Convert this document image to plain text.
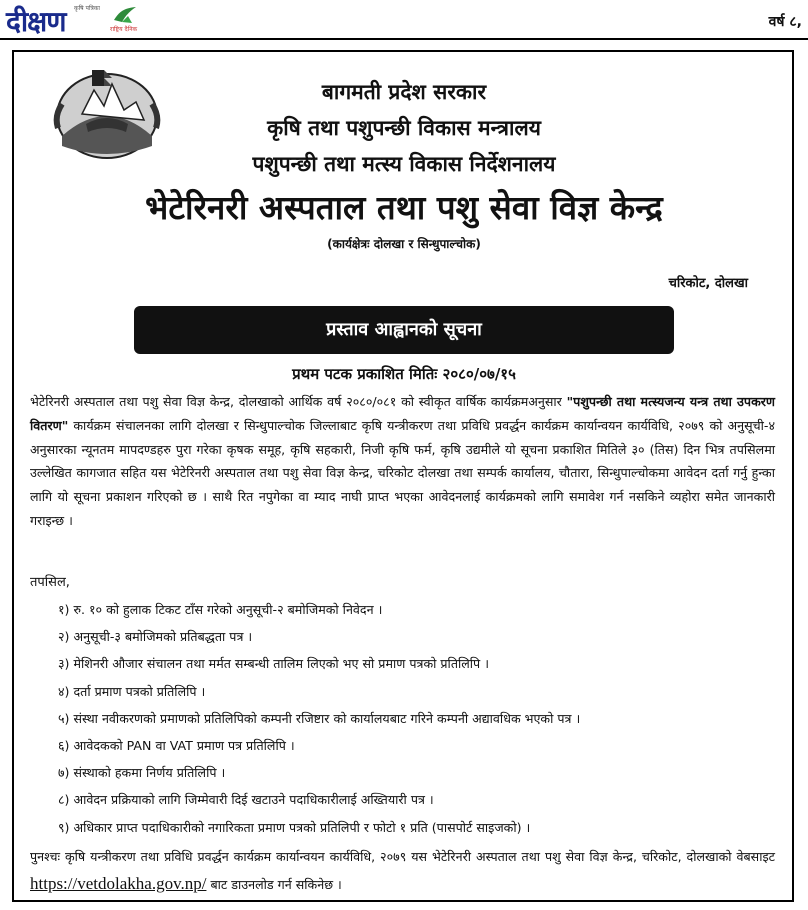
दीक्षण कृषि पत्रिका
राष्ट्रिय दैनिक	वर्ष ८,
बागमती प्रदेश सरकार
कृषि तथा पशुपन्छी विकास मन्त्रालय
पशुपन्छी तथा मत्स्य विकास निर्देशनालय
भेटेरिनरी अस्पताल तथा पशु सेवा विज्ञ केन्द्र
(कार्यक्षेत्रः दोलखा र सिन्धुपाल्चोक)
चरिकोट, दोलखा
प्रस्ताव आह्वानको सूचना
प्रथम पटक प्रकाशित मितिः २०८०/०७/१५

भेटेरिनरी अस्पताल तथा पशु सेवा विज्ञ केन्द्र, दोलखाको आर्थिक वर्ष २०८०/०८१ को स्वीकृत वार्षिक कार्यक्रमअनुसार "पशुपन्छी तथा मत्स्यजन्य यन्त्र तथा उपकरण वितरण" कार्यक्रम संचालनका लागि दोलखा र सिन्धुपाल्चोक जिल्लाबाट कृषि यन्त्रीकरण तथा प्रविधि प्रवर्द्धन कार्यक्रम कार्यान्वयन कार्यविधि, २०७९ को अनुसूची-४ अनुसारका न्यूनतम मापदण्डहरु पुरा गरेका कृषक समूह, कृषि सहकारी, निजी कृषि फर्म, कृषि उद्यमीले यो सूचना प्रकाशित मितिले ३० (तिस) दिन भित्र तपसिलमा उल्लेखित कागजात सहित यस भेटेरिनरी अस्पताल तथा पशु सेवा विज्ञ केन्द्र, चरिकोट दोलखा तथा सम्पर्क कार्यालय, चौतारा, सिन्धुपाल्चोकमा आवेदन दर्ता गर्नु हुन्का लागि यो सूचना प्रकाशन गरिएको छ । साथै रित नपुगेका वा म्याद नाघी प्राप्त भएका आवेदनलाई कार्यक्रमको लागि समावेश गर्न नसकिने व्यहोरा समेत जानकारी गराइन्छ ।

तपसिल,
१) रु. १० को हुलाक टिकट टाँस गरेको अनुसूची-२ बमोजिमको निवेदन ।
२) अनुसूची-३ बमोजिमको प्रतिबद्धता पत्र ।
३) मेशिनरी औजार संचालन तथा मर्मत सम्बन्धी तालिम लिएको भए सो प्रमाण पत्रको प्रतिलिपि ।
४) दर्ता प्रमाण पत्रको प्रतिलिपि ।
५) संस्था नवीकरणको प्रमाणको प्रतिलिपिको कम्पनी रजिष्टार को कार्यालयबाट गरिने कम्पनी अद्यावधिक भएको पत्र ।
६) आवेदकको PAN वा VAT प्रमाण पत्र प्रतिलिपि ।
७) संस्थाको हकमा निर्णय प्रतिलिपि ।
८) आवेदन प्रक्रियाको लागि जिम्मेवारी दिई खटाउने पदाधिकारीलाई अख्तियारी पत्र ।
९) अधिकार प्राप्त पदाधिकारीको नगारिकता प्रमाण पत्रको प्रतिलिपी र फोटो १ प्रति (पासपोर्ट साइजको) ।
पुनश्चः कृषि यन्त्रीकरण तथा प्रविधि प्रवर्द्धन कार्यक्रम कार्यान्वयन कार्यविधि, २०७९ यस भेटेरिनरी अस्पताल तथा पशु सेवा विज्ञ केन्द्र, चरिकोट, दोलखाको वेबसाइट https://vetdolakha.gov.np/ बाट डाउनलोड गर्न सकिनेछ ।
